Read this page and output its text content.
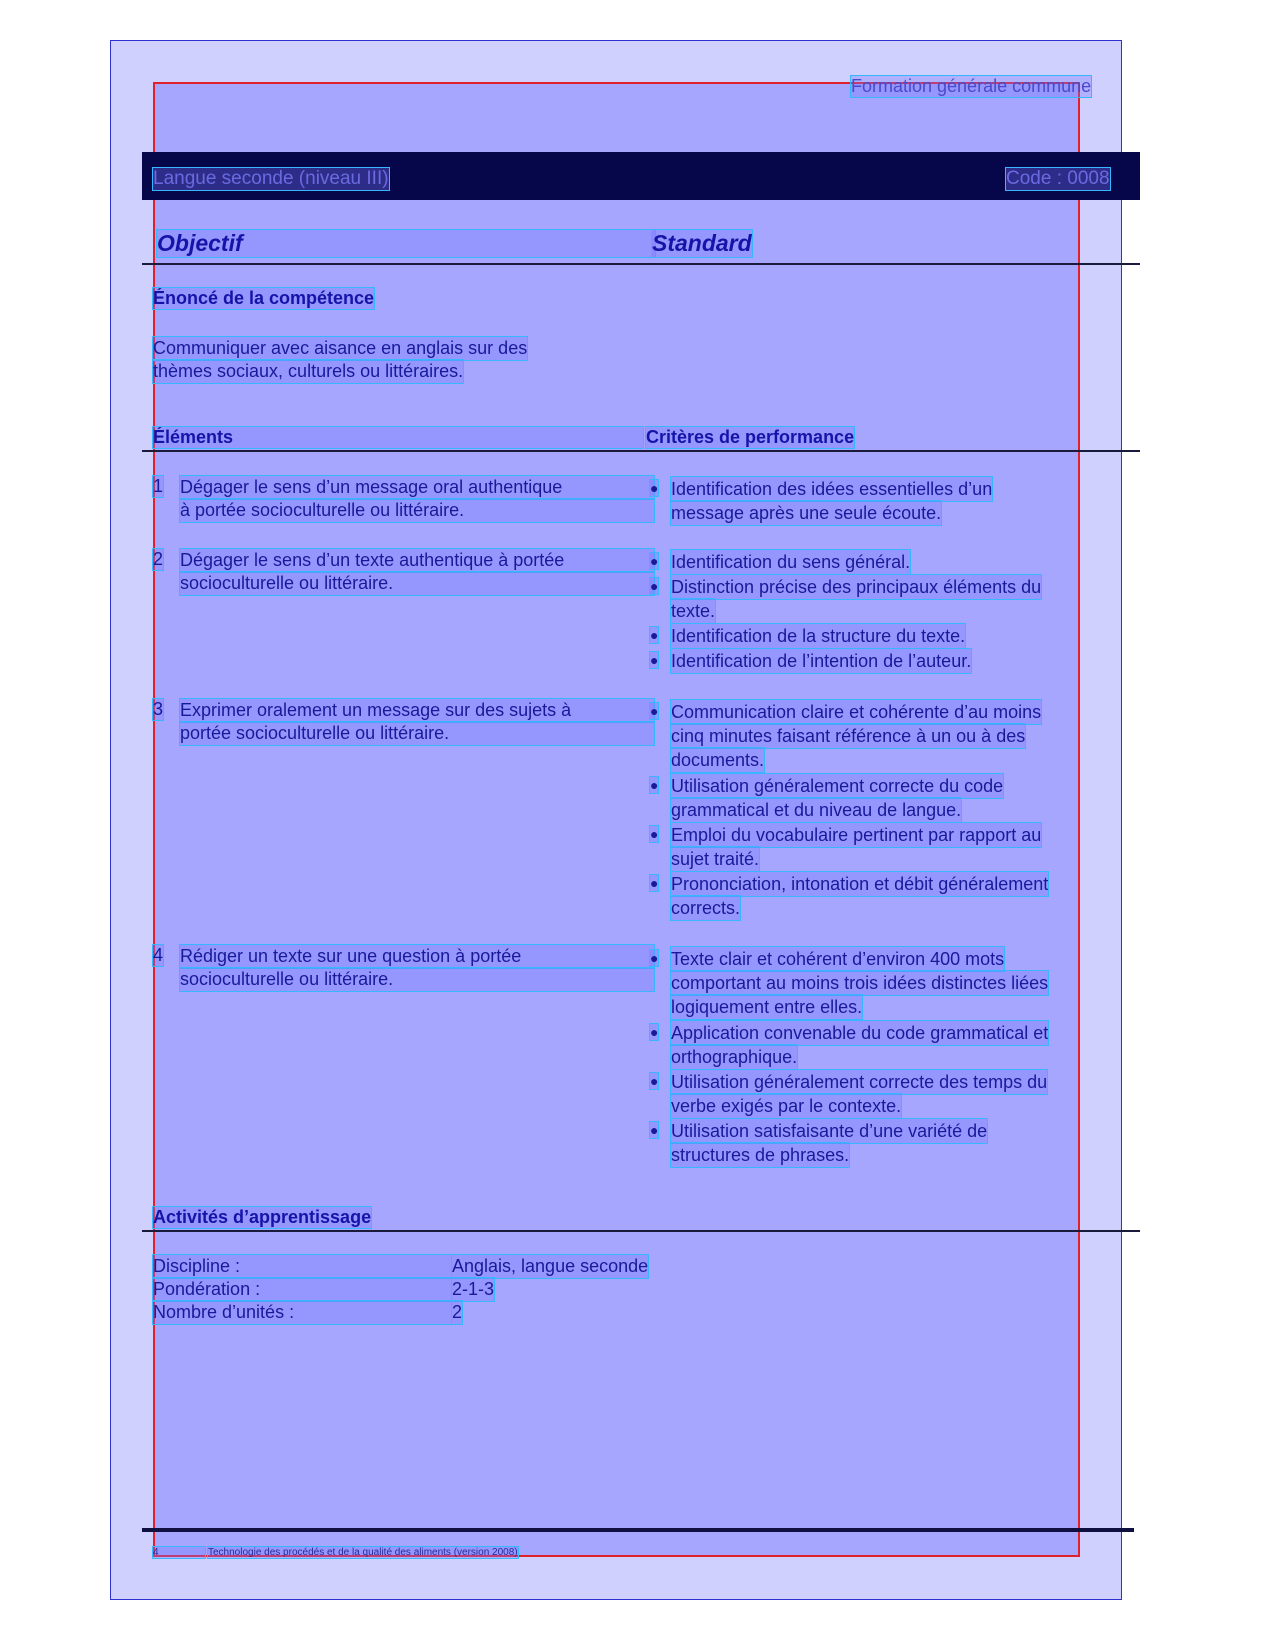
Formation générale commune
Langue seconde (niveau III)	Code : 0008
Objectif	Standard
Énoncé de la compétence
Communiquer avec aisance en anglais sur des
thèmes sociaux, culturels ou littéraires.
Éléments	Critères de performance
1 Dégager le sens d’un message oral authentique
à portée socioculturelle ou littéraire.
● Identification des idées essentielles d’un
message après une seule écoute.
2 Dégager le sens d’un texte authentique à portée
socioculturelle ou littéraire.
● Identification du sens général.
● Distinction précise des principaux éléments du
texte.
● Identification de la structure du texte.
● Identification de l’intention de l’auteur.
3 Exprimer oralement un message sur des sujets à
portée socioculturelle ou littéraire.
● Communication claire et cohérente d’au moins
cinq minutes faisant référence à un ou à des
documents.
● Utilisation généralement correcte du code
grammatical et du niveau de langue.
● Emploi du vocabulaire pertinent par rapport au
sujet traité.
● Prononciation, intonation et débit généralement
corrects.
4 Rédiger un texte sur une question à portée
socioculturelle ou littéraire.
● Texte clair et cohérent d’environ 400 mots
comportant au moins trois idées distinctes liées
logiquement entre elles.
● Application convenable du code grammatical et
orthographique.
● Utilisation généralement correcte des temps du
verbe exigés par le contexte.
● Utilisation satisfaisante d’une variété de
structures de phrases.
Activités d’apprentissage
Discipline :	Anglais, langue seconde
Pondération :	2-1-3
Nombre d’unités :	2
4	Technologie des procédés et de la qualité des aliments (version 2008)
